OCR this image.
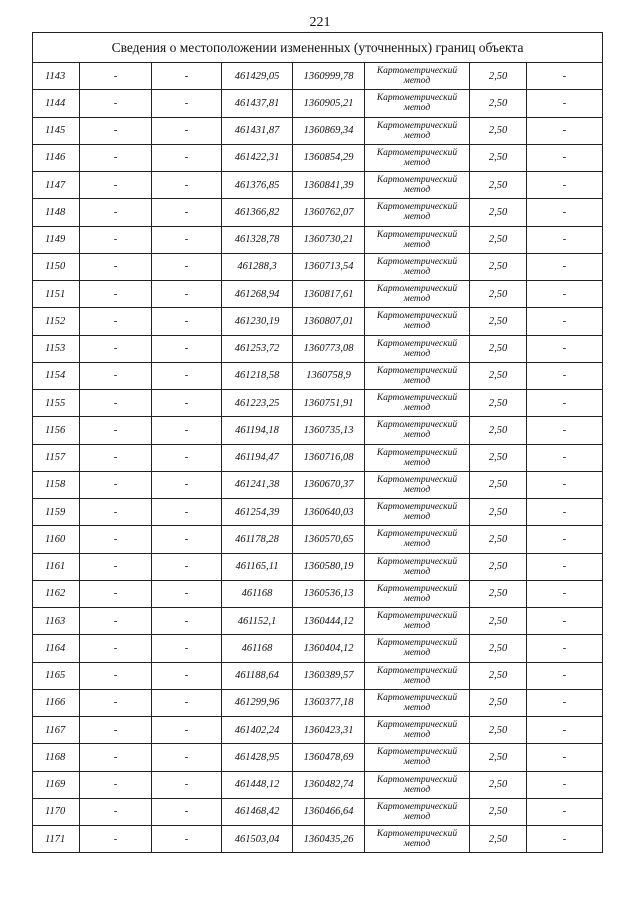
221
Сведения о местоположении измененных (уточненных) границ объекта							
1143	-	-	461429,05	1360999,78	Картометрический метод	2,50	-
1144	-	-	461437,81	1360905,21	Картометрический метод	2,50	-
1145	-	-	461431,87	1360869,34	Картометрический метод	2,50	-
1146	-	-	461422,31	1360854,29	Картометрический метод	2,50	-
1147	-	-	461376,85	1360841,39	Картометрический метод	2,50	-
1148	-	-	461366,82	1360762,07	Картометрический метод	2,50	-
1149	-	-	461328,78	1360730,21	Картометрический метод	2,50	-
1150	-	-	461288,3	1360713,54	Картометрический метод	2,50	-
1151	-	-	461268,94	1360817,61	Картометрический метод	2,50	-
1152	-	-	461230,19	1360807,01	Картометрический метод	2,50	-
1153	-	-	461253,72	1360773,08	Картометрический метод	2,50	-
1154	-	-	461218,58	1360758,9	Картометрический метод	2,50	-
1155	-	-	461223,25	1360751,91	Картометрический метод	2,50	-
1156	-	-	461194,18	1360735,13	Картометрический метод	2,50	-
1157	-	-	461194,47	1360716,08	Картометрический метод	2,50	-
1158	-	-	461241,38	1360670,37	Картометрический метод	2,50	-
1159	-	-	461254,39	1360640,03	Картометрический метод	2,50	-
1160	-	-	461178,28	1360570,65	Картометрический метод	2,50	-
1161	-	-	461165,11	1360580,19	Картометрический метод	2,50	-
1162	-	-	461168	1360536,13	Картометрический метод	2,50	-
1163	-	-	461152,1	1360444,12	Картометрический метод	2,50	-
1164	-	-	461168	1360404,12	Картометрический метод	2,50	-
1165	-	-	461188,64	1360389,57	Картометрический метод	2,50	-
1166	-	-	461299,96	1360377,18	Картометрический метод	2,50	-
1167	-	-	461402,24	1360423,31	Картометрический метод	2,50	-
1168	-	-	461428,95	1360478,69	Картометрический метод	2,50	-
1169	-	-	461448,12	1360482,74	Картометрический метод	2,50	-
1170	-	-	461468,42	1360466,64	Картометрический метод	2,50	-
1171	-	-	461503,04	1360435,26	Картометрический метод	2,50	-
